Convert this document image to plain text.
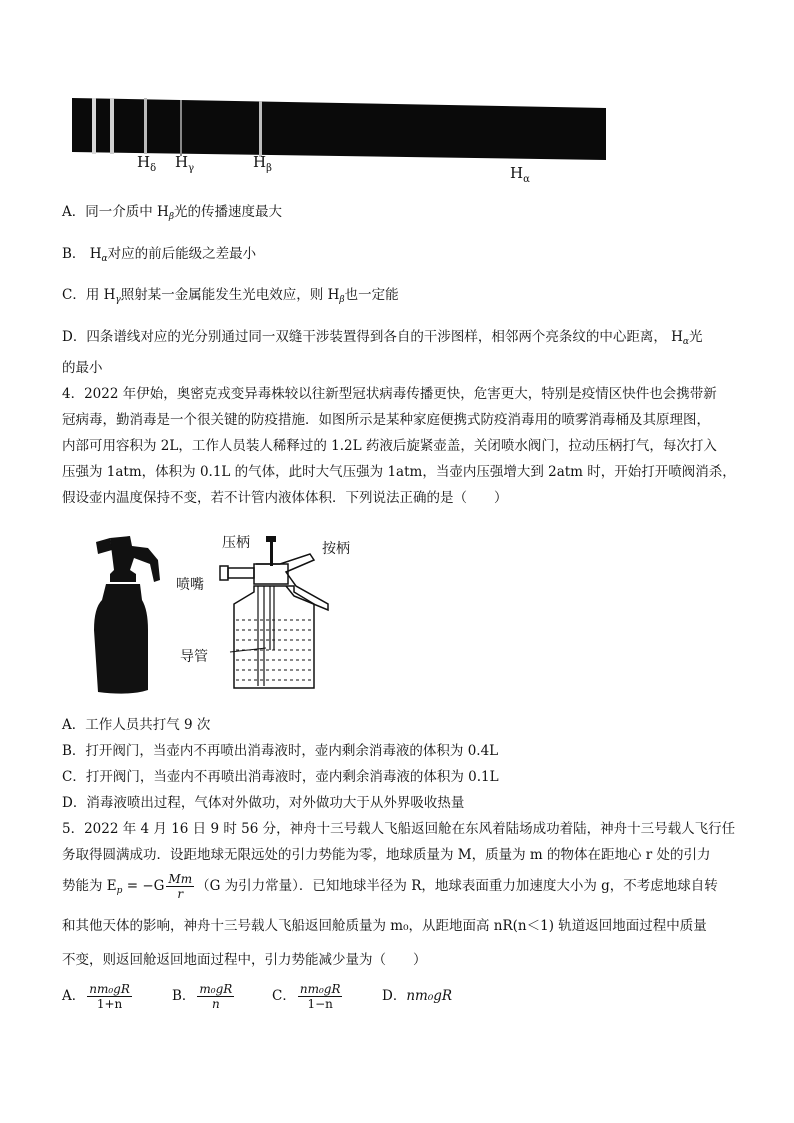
$H_\delta$ $H_\gamma$	$H_\beta$	$H_\alpha$
A．同一介质中 $H_\beta$光的传播速度最大
B． $H_\alpha$对应的前后能级之差最小
C．用 $H_\gamma$照射某一金属能发生光电效应，则 $H_\beta$也一定能
D．四条谱线对应的光分别通过同一双缝干涉装置得到各自的干涉图样，相邻两个亮条纹的中心距离， $H_\alpha$光
的最小
4．2022 年伊始，奥密克戎变异毒株较以往新型冠状病毒传播更快，危害更大，特别是疫情区快件也会携带新
冠病毒，勤消毒是一个很关键的防疫措施．如图所示是某种家庭便携式防疫消毒用的喷雾消毒桶及其原理图，
内部可用容积为 2L，工作人员装人稀释过的 1.2L 药液后旋紧壶盖，关闭喷水阀门，拉动压柄打气，每次打入
压强为 1atm，体积为 0.1L 的气体，此时大气压强为 1atm，当壶内压强增大到 2atm 时，开始打开喷阀消杀，
假设壶内温度保持不变，若不计管内液体体积．下列说法正确的是（　　）
压柄	按柄
喷嘴
导管
A．工作人员共打气 9 次
B．打开阀门，当壶内不再喷出消毒液时，壶内剩余消毒液的体积为 0.4L
C．打开阀门，当壶内不再喷出消毒液时，壶内剩余消毒液的体积为 0.1L
D．消毒液喷出过程，气体对外做功，对外做功大于从外界吸收热量
5．2022 年 4 月 16 日 9 时 56 分，神舟十三号载人飞船返回舱在东风着陆场成功着陆，神舟十三号载人飞行任
务取得圆满成功．设距地球无限远处的引力势能为零，地球质量为 M，质量为 m 的物体在距地心 r 处的引力
势能为 $E_p = -G \frac{Mm}{r} (G$ 为引力常量）．已知地球半径为 R，地球表面重力加速度大小为 g，不考虑地球自转
和其他天体的影响，神舟十三号载人飞船返回舱质量为 m₀，从距地面高 nR(n＜1) 轨道返回地面过程中质量
不变，则返回舱返回地面过程中，引力势能减少量为（　　）
A． $\frac{\text{nm₀gR}}{1+n}$	B． $\frac{\text{m₀gR}}{n}$	C． $\frac{\text{nm₀gR}}{1-n}$	D．nm₀gR
